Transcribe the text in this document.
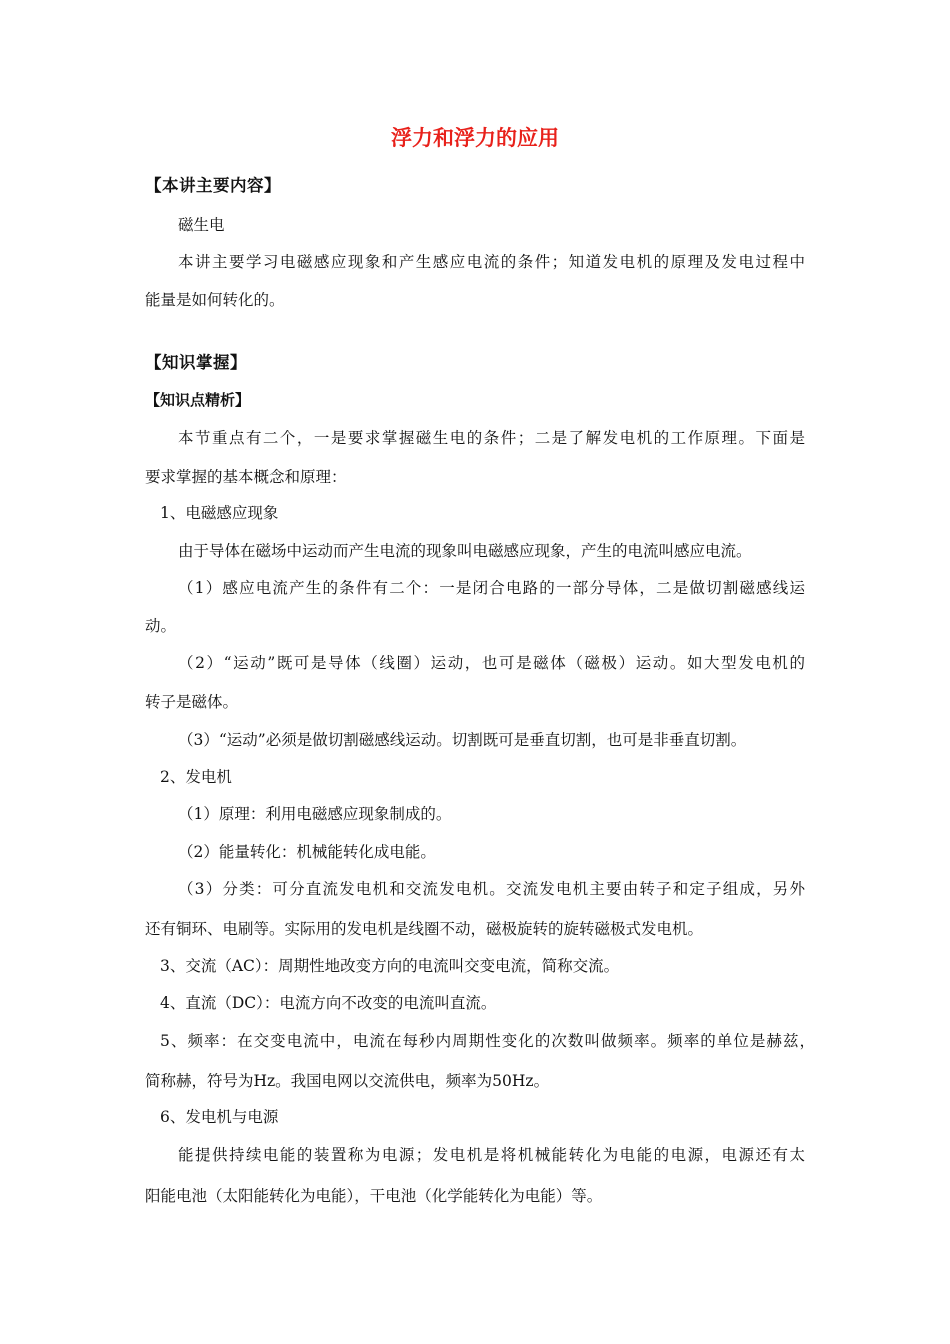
浮力和浮力的应用
【本讲主要内容】
磁生电
本讲主要学习电磁感应现象和产生感应电流的条件；知道发电机的原理及发电过程中
能量是如何转化的。
【知识掌握】
【知识点精析】
本节重点有二个，一是要求掌握磁生电的条件；二是了解发电机的工作原理。下面是
要求掌握的基本概念和原理：
1、电磁感应现象
由于导体在磁场中运动而产生电流的现象叫电磁感应现象，产生的电流叫感应电流。
（1）感应电流产生的条件有二个：一是闭合电路的一部分导体，二是做切割磁感线运
动。
（2）“运动”既可是导体（线圈）运动，也可是磁体（磁极）运动。如大型发电机的
转子是磁体。
（3）“运动”必须是做切割磁感线运动。切割既可是垂直切割，也可是非垂直切割。
2、发电机
（1）原理：利用电磁感应现象制成的。
（2）能量转化：机械能转化成电能。
（3）分类：可分直流发电机和交流发电机。交流发电机主要由转子和定子组成，另外
还有铜环、电刷等。实际用的发电机是线圈不动，磁极旋转的旋转磁极式发电机。
3、交流（AC）：周期性地改变方向的电流叫交变电流，简称交流。
4、直流（DC）：电流方向不改变的电流叫直流。
5、频率：在交变电流中，电流在每秒内周期性变化的次数叫做频率。频率的单位是赫兹，
简称赫，符号为Hz。我国电网以交流供电，频率为50Hz。
6、发电机与电源
能提供持续电能的装置称为电源；发电机是将机械能转化为电能的电源，电源还有太
阳能电池（太阳能转化为电能），干电池（化学能转化为电能）等。
